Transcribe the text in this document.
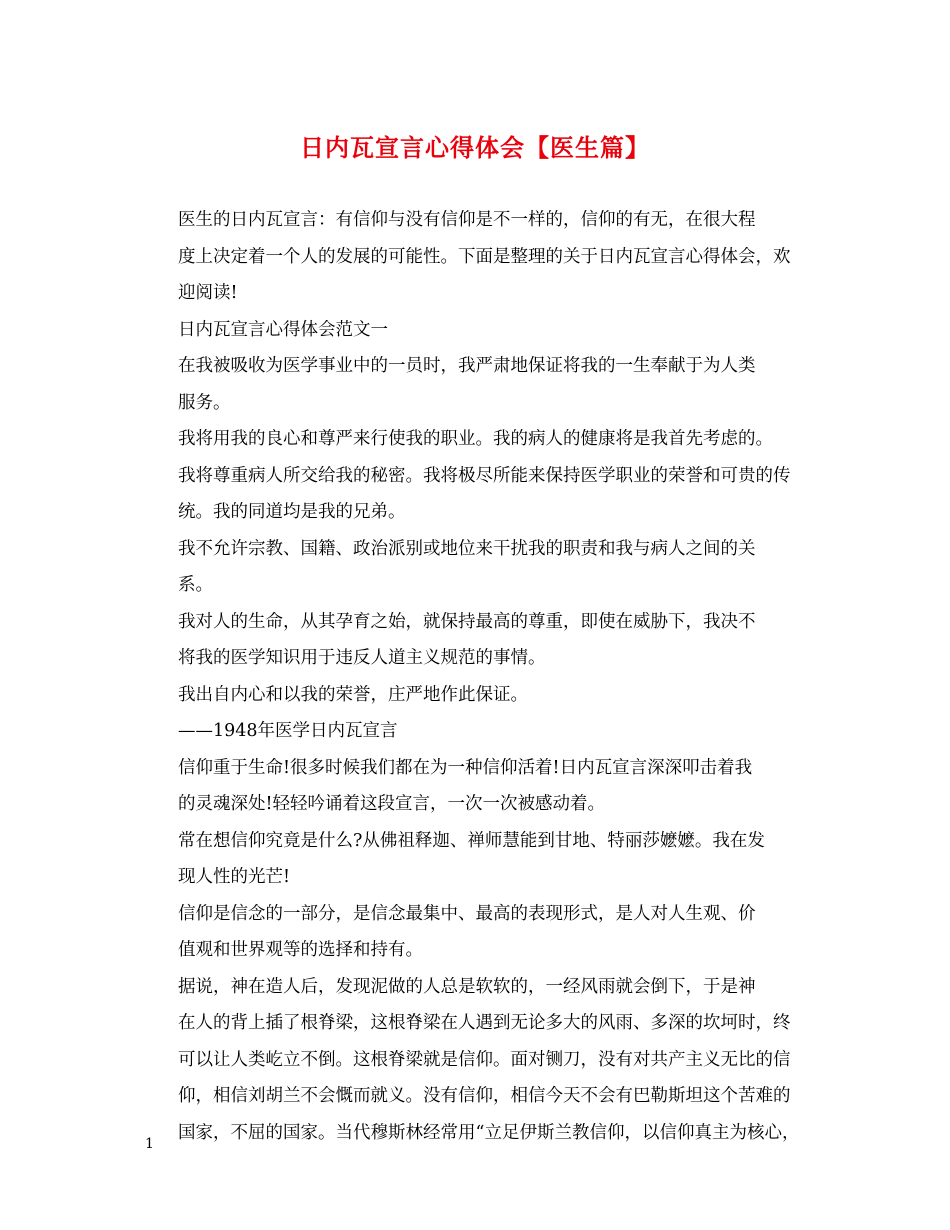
日内瓦宣言心得体会【医生篇】

医生的日内瓦宣言：有信仰与没有信仰是不一样的，信仰的有无，在很大程
度上决定着一个人的发展的可能性。下面是整理的关于日内瓦宣言心得体会，欢
迎阅读!

日内瓦宣言心得体会范文一

在我被吸收为医学事业中的一员时，我严肃地保证将我的一生奉献于为人类
服务。

我将用我的良心和尊严来行使我的职业。我的病人的健康将是我首先考虑的。
我将尊重病人所交给我的秘密。我将极尽所能来保持医学职业的荣誉和可贵的传
统。我的同道均是我的兄弟。

我不允许宗教、国籍、政治派别或地位来干扰我的职责和我与病人之间的关
系。

我对人的生命，从其孕育之始，就保持最高的尊重，即使在威胁下，我决不
将我的医学知识用于违反人道主义规范的事情。

我出自内心和以我的荣誉，庄严地作此保证。

——1948年医学日内瓦宣言

信仰重于生命!很多时候我们都在为一种信仰活着!日内瓦宣言深深叩击着我
的灵魂深处!轻轻吟诵着这段宣言，一次一次被感动着。

常在想信仰究竟是什么?从佛祖释迦、禅师慧能到甘地、特丽莎嬷嬷。我在发
现人性的光芒!

信仰是信念的一部分，是信念最集中、最高的表现形式，是人对人生观、价
值观和世界观等的选择和持有。

据说，神在造人后，发现泥做的人总是软软的，一经风雨就会倒下，于是神
在人的背上插了根脊梁，这根脊梁在人遇到无论多大的风雨、多深的坎坷时，终
可以让人类屹立不倒。这根脊梁就是信仰。面对铡刀，没有对共产主义无比的信
仰，相信刘胡兰不会慨而就义。没有信仰，相信今天不会有巴勒斯坦这个苦难的
国家，不屈的国家。当代穆斯林经常用“立足伊斯兰教信仰，以信仰真主为核心，

1
